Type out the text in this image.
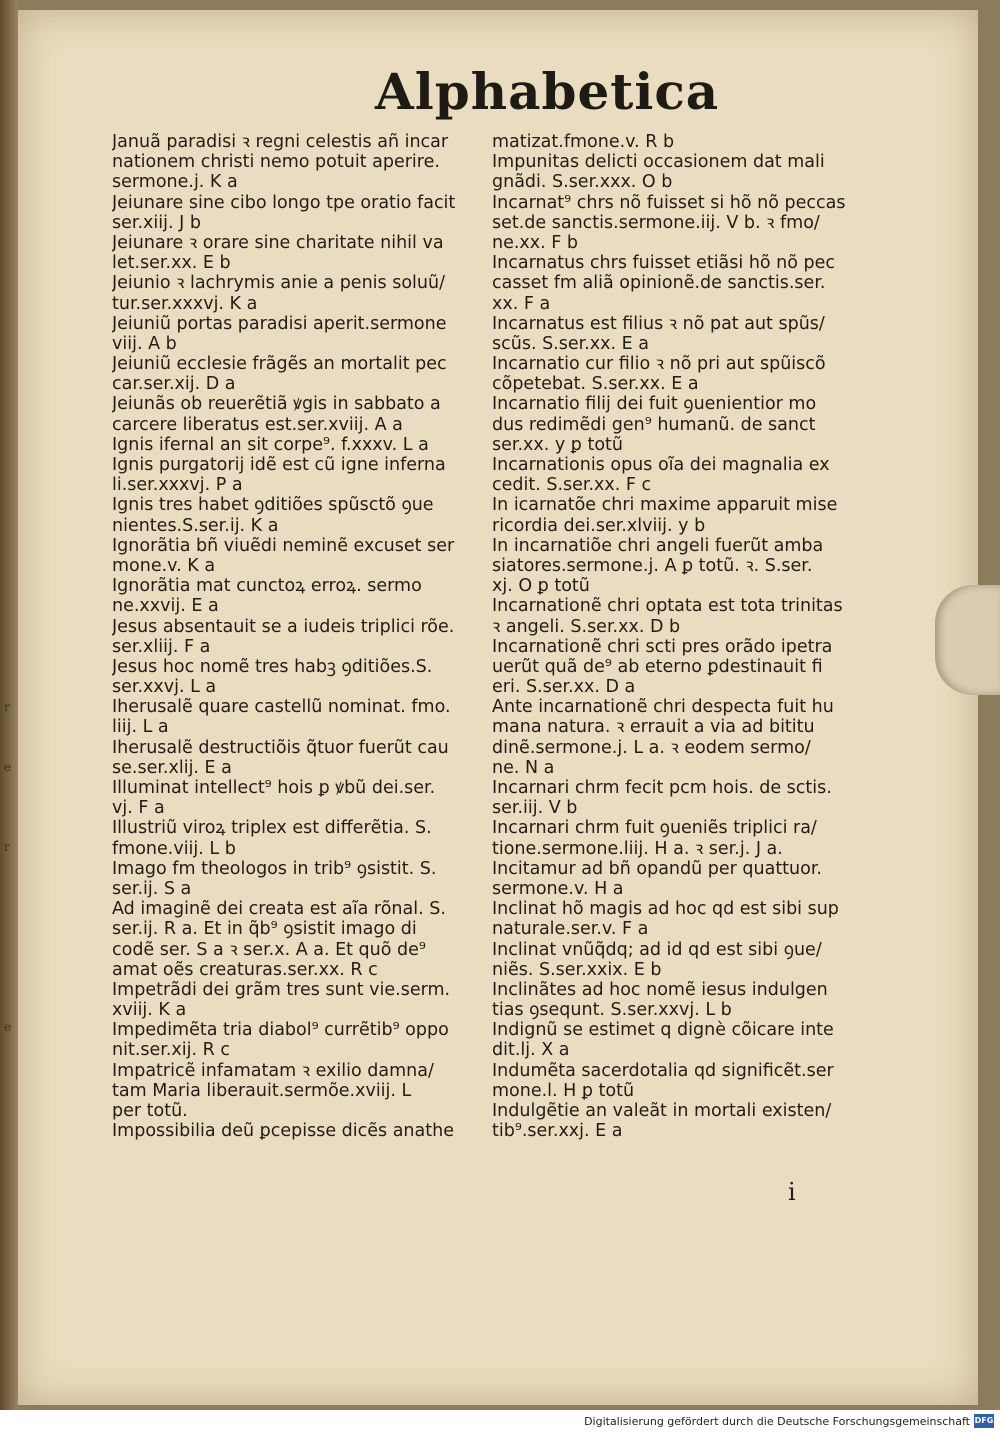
r
e
r
e
Alphabetica
Januã paradisi ꝛ regni celestis añ incar
nationem christi nemo potuit aperire.
sermone.j. K a
Jeiunare sine cibo longo tpe oratio facit
ser.xiij. J b
Jeiunare ꝛ orare sine charitate nihil va
let.ser.xx. E b
Jeiunio ꝛ lachrymis anie a penis soluũ/
tur.ser.xxxvj. K a
Jeiuniũ portas paradisi aperit.sermone
viij. A b
Jeiuniũ ecclesie frãgẽs an mortalit pec
car.ser.xij. D a
Jeiunãs ob reuerẽtiã ꝟgis in sabbato a
carcere liberatus est.ser.xviij. A a
Ignis ifernal an sit corpe⁹. f.xxxv. L a
Ignis purgatorij idẽ est cũ igne inferna
li.ser.xxxvj. P a
Ignis tres habet ꝯditiões spũsctõ ꝯue
nientes.S.ser.ij. K a
Ignorãtia bñ viuẽdi neminẽ excuset ser
mone.v. K a
Ignorãtia mat cunctoꝝ erroꝝ. sermo
ne.xxvij. E a
Jesus absentauit se a iudeis triplici rõe.
ser.xliij. F a
Jesus hoc nomẽ tres habꝫ ꝯditiões.S.
ser.xxvj. L a
Iherusalẽ quare castellũ nominat. fmo.
liij. L a
Iherusalẽ destructiõis q̃tuor fuerũt cau
se.ser.xlij. E a
Illuminat intellect⁹ hois ꝑ ꝟbũ dei.ser.
vj. F a
Illustriũ viroꝝ triplex est differẽtia. S.
fmone.viij. L b
Imago fm theologos in trib⁹ ꝯsistit. S.
ser.ij. S a
Ad imaginẽ dei creata est aĩa rõnal. S.
ser.ij. R a. Et in q̃b⁹ ꝯsistit imago di
codẽ ser. S a ꝛ ser.x. A a. Et quõ de⁹
amat oẽs creaturas.ser.xx. R c
Impetrãdi dei grãm tres sunt vie.serm.
xviij. K a
Impedimẽta tria diabol⁹ currẽtib⁹ oppo
nit.ser.xij. R c
Impatricẽ infamatam ꝛ exilio damna/
tam Maria liberauit.sermõe.xviij. L
per totũ.
Impossibilia deũ ꝑcepisse dicẽs anathe
matizat.fmone.v. R b
Impunitas delicti occasionem dat mali
gnãdi. S.ser.xxx. O b
Incarnat⁹ chrs nõ fuisset si hõ nõ peccas
set.de sanctis.sermone.iij. V b. ꝛ fmo/
ne.xx. F b
Incarnatus chrs fuisset etiãsi hõ nõ pec
casset fm aliã opinionẽ.de sanctis.ser.
xx. F a
Incarnatus est filius ꝛ nõ pat aut spũs/
scũs. S.ser.xx. E a
Incarnatio cur filio ꝛ nõ pri aut spũiscõ
cõpetebat. S.ser.xx. E a
Incarnatio filij dei fuit ꝯuenientior mo
dus redimẽdi gen⁹ humanũ. de sanct
ser.xx. y ꝑ totũ
Incarnationis opus oĩa dei magnalia ex
cedit. S.ser.xx. F c
In icarnatõe chri maxime apparuit mise
ricordia dei.ser.xlviij. y b
In incarnatiõe chri angeli fuerũt amba
siatores.sermone.j. A ꝑ totũ. ꝛ. S.ser.
xj. O ꝑ totũ
Incarnationẽ chri optata est tota trinitas
ꝛ angeli. S.ser.xx. D b
Incarnationẽ chri scti pres orãdo ipetra
uerũt quã de⁹ ab eterno ꝑdestinauit fi
eri. S.ser.xx. D a
Ante incarnationẽ chri despecta fuit hu
mana natura. ꝛ errauit a via ad bititu
dinẽ.sermone.j. L a. ꝛ eodem sermo/
ne. N a
Incarnari chrm fecit pcm hois. de sctis.
ser.iij. V b
Incarnari chrm fuit ꝯueniẽs triplici ra/
tione.sermone.liij. H a. ꝛ ser.j. J a.
Incitamur ad bñ opandũ per quattuor.
sermone.v. H a
Inclinat hõ magis ad hoc qd est sibi sup
naturale.ser.v. F a
Inclinat vnũq̃dq; ad id qd est sibi ꝯue/
niẽs. S.ser.xxix. E b
Inclinãtes ad hoc nomẽ iesus indulgen
tias ꝯsequnt. S.ser.xxvj. L b
Indignũ se estimet q dignè cõicare inte
dit.lj. X a
Indumẽta sacerdotalia qd significẽt.ser
mone.l. H ꝑ totũ
Indulgẽtie an valeãt in mortali existen/
tib⁹.ser.xxj. E a
i
Digitalisierung gefördert durch die Deutsche Forschungsgemeinschaft DFG
